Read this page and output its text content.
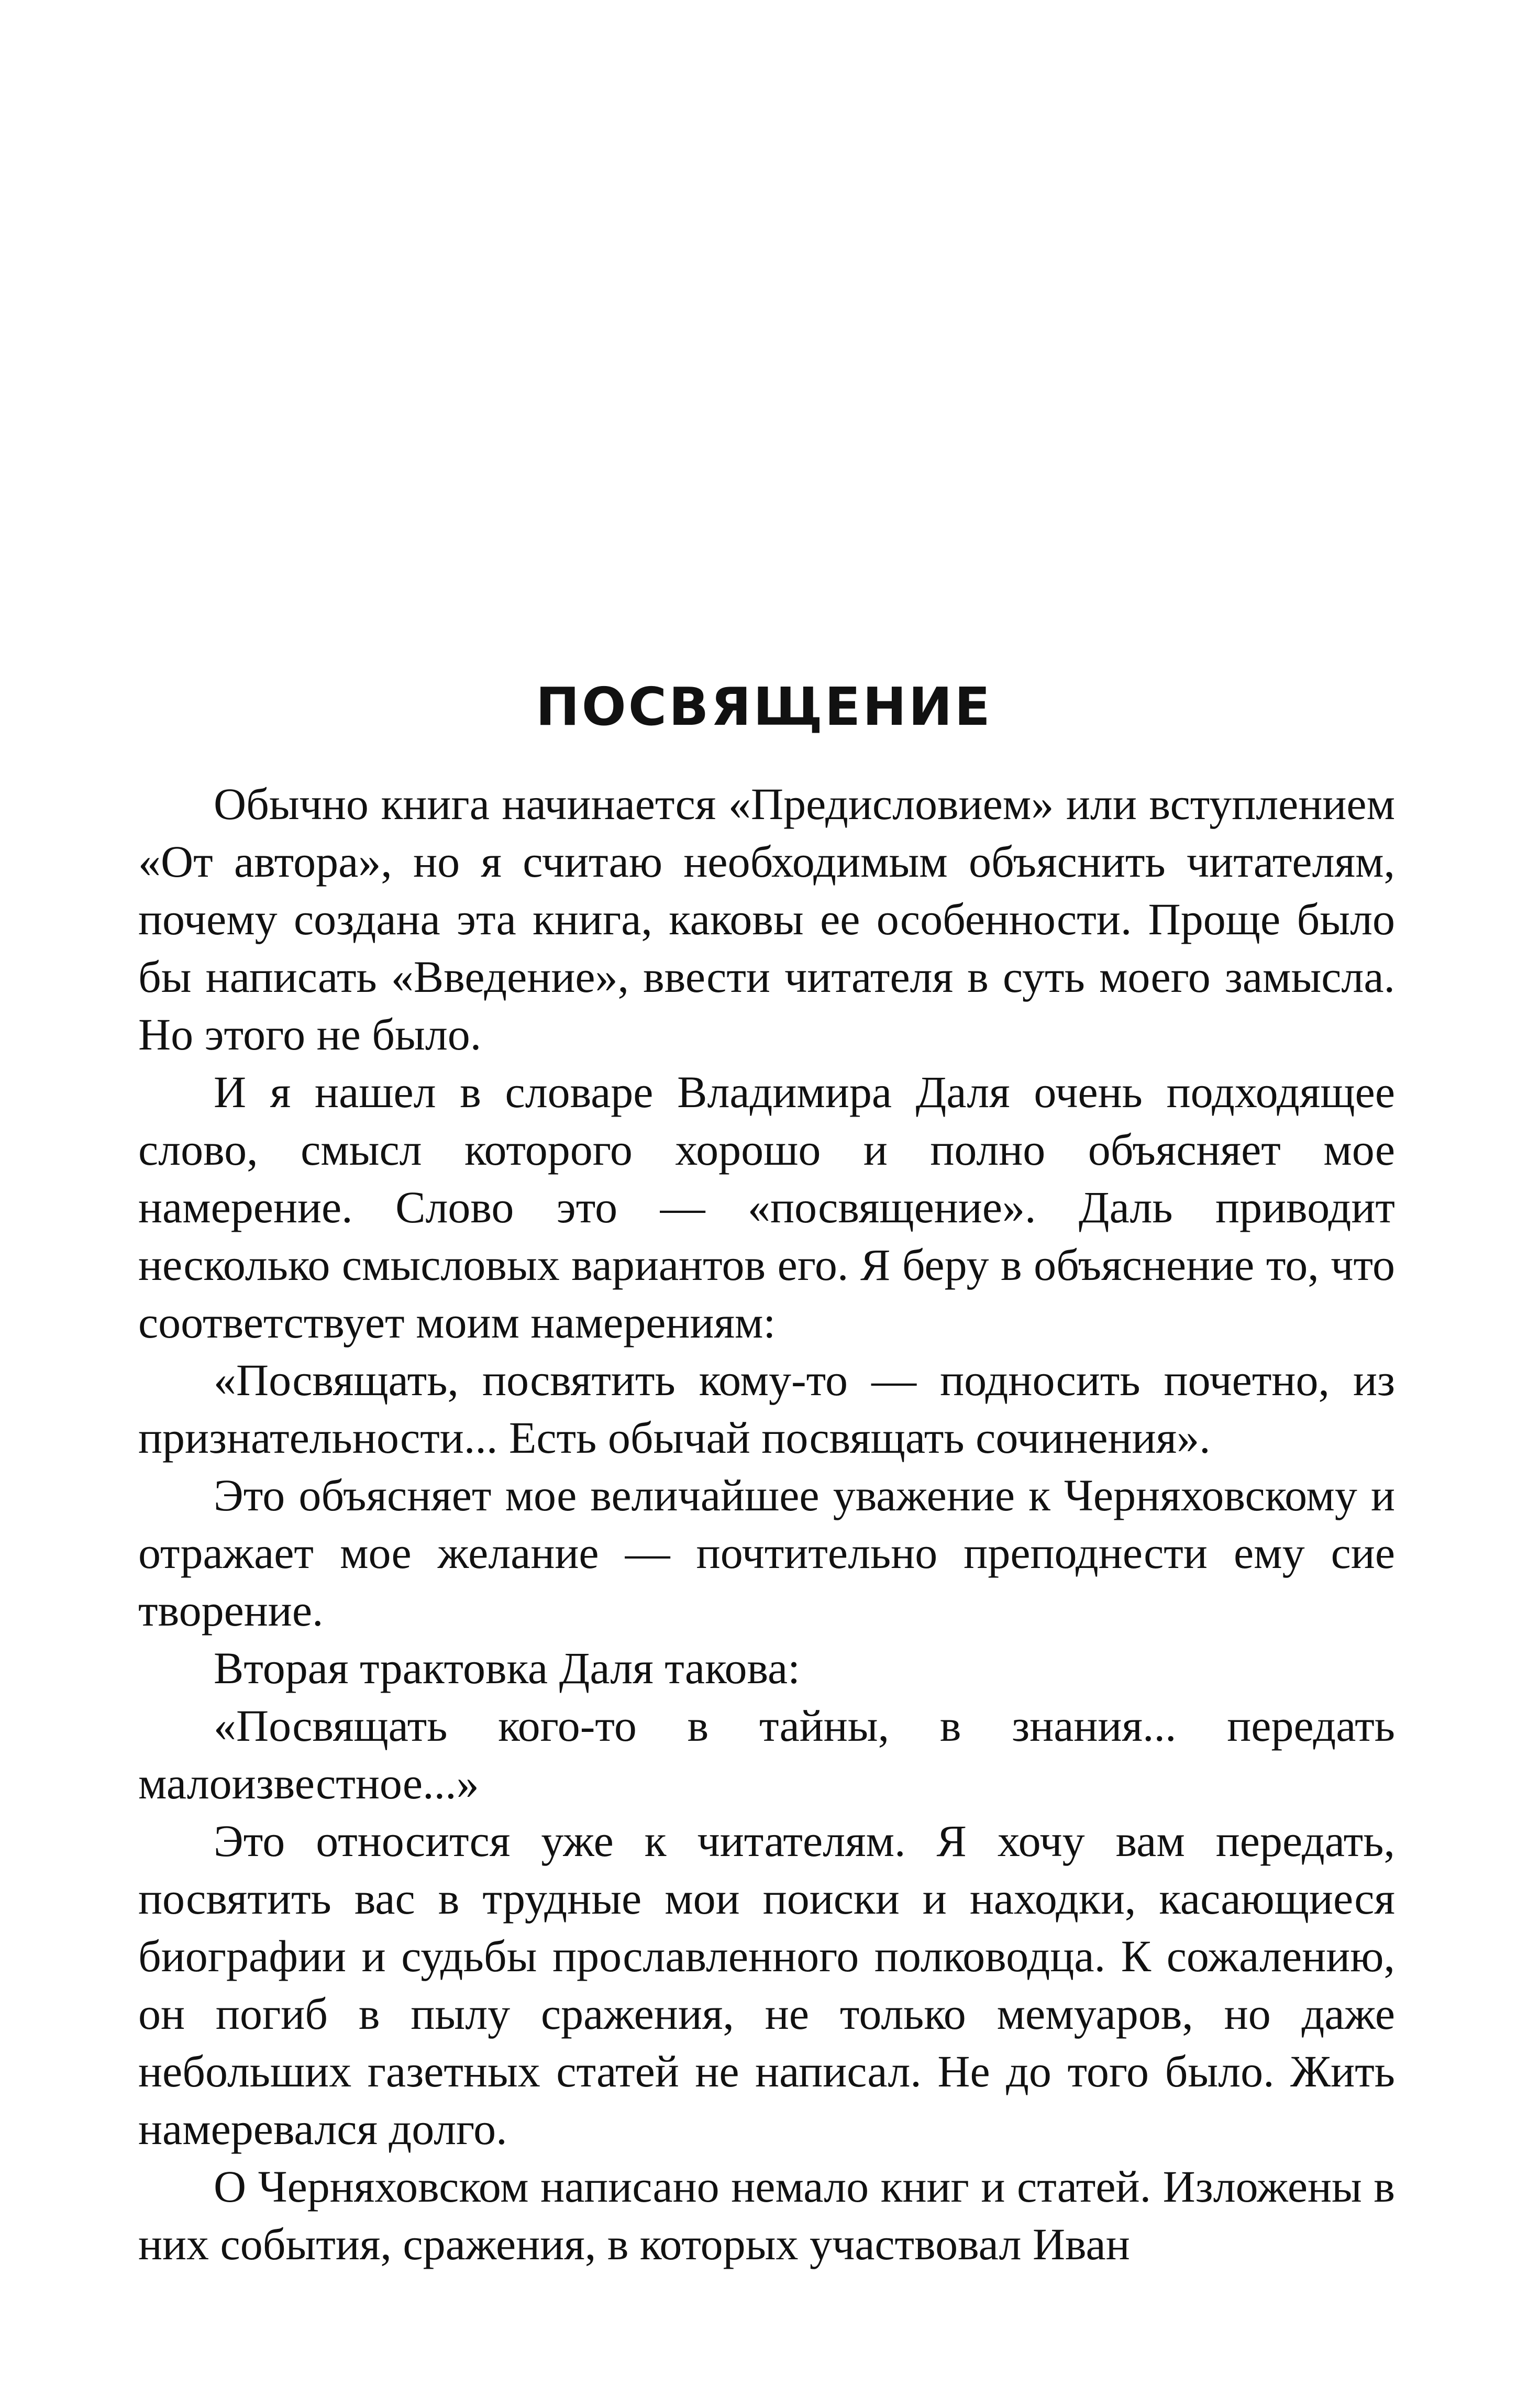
ПОСВЯЩЕНИЕ

Обычно книга начинается «Предисловием» или вступлением «От автора», но я считаю необходимым объяснить читателям, почему создана эта книга, каковы ее особенности. Проще было бы написать «Введение», ввести читателя в суть моего замысла. Но этого не было.

И я нашел в словаре Владимира Даля очень подходящее слово, смысл которого хорошо и полно объясняет мое намерение. Слово это — «посвящение». Даль приводит несколько смысловых вариантов его. Я беру в объяснение то, что соответствует моим намерениям:

«Посвящать, посвятить кому-то — подносить почетно, из признательности... Есть обычай посвящать сочинения».

Это объясняет мое величайшее уважение к Черняховскому и отражает мое желание — почтительно преподнести ему сие творение.

Вторая трактовка Даля такова:

«Посвящать кого-то в тайны, в знания... передать малоизвестное...»

Это относится уже к читателям. Я хочу вам передать, посвятить вас в трудные мои поиски и находки, касающиеся биографии и судьбы прославленного полководца. К сожалению, он погиб в пылу сражения, не только мемуаров, но даже небольших газетных статей не написал. Не до того было. Жить намеревался долго.

О Черняховском написано немало книг и статей. Изложены в них события, сражения, в которых участвовал Иван
